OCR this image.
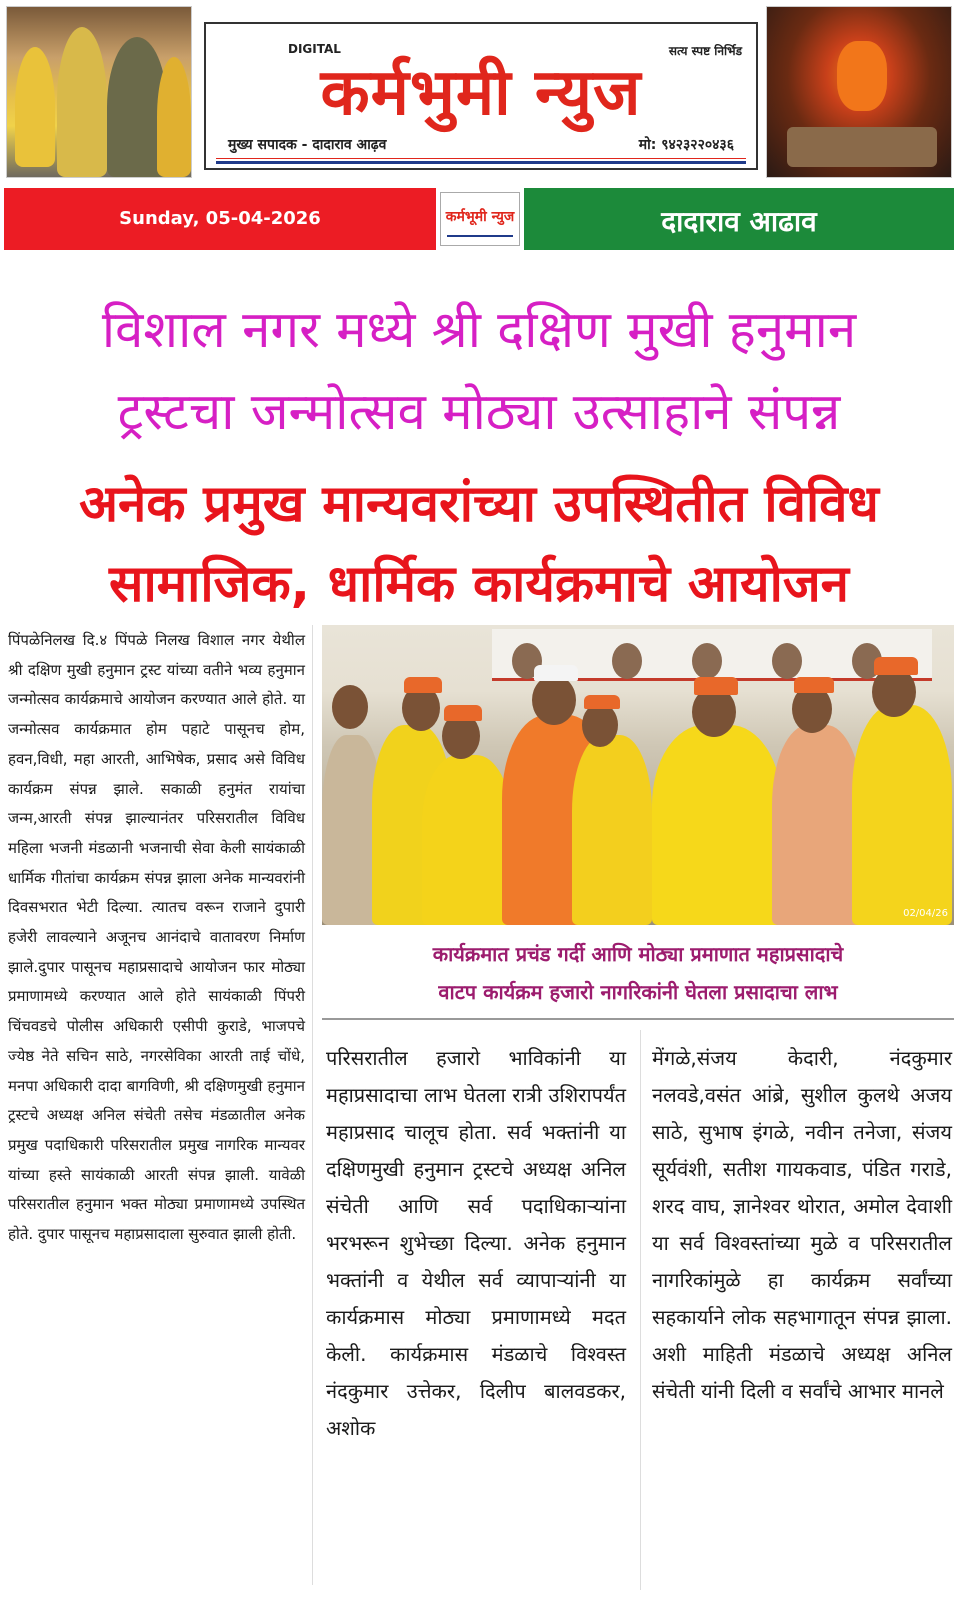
DIGITAL	सत्य स्पष्ट निर्भिड
कर्मभुमी न्युज
मुख्य सपादक - दादाराव आढ़व	मो: ९४२३२२०४३६
Sunday, 05-04-2026	कर्मभूमी न्युज	दादाराव आढाव
विशाल नगर मध्ये श्री दक्षिण मुखी हनुमान
ट्रस्टचा जन्मोत्सव मोठ्या उत्साहाने संपन्न
अनेक प्रमुख मान्यवरांच्या उपस्थितीत विविध
सामाजिक, धार्मिक कार्यक्रमाचे आयोजन
पिंपळेनिलख दि.४ पिंपळे निलख विशाल नगर येथील श्री दक्षिण मुखी हनुमान ट्रस्ट यांच्या वतीने भव्य हनुमान जन्मोत्सव कार्यक्रमाचे आयोजन करण्यात आले होते. या जन्मोत्सव कार्यक्रमात होम पहाटे पासूनच होम, हवन,विधी, महा आरती, आभिषेक, प्रसाद असे विविध कार्यक्रम संपन्न झाले. सकाळी हनुमंत रायांचा जन्म,आरती संपन्न झाल्यानंतर परिसरातील विविध महिला भजनी मंडळानी भजनाची सेवा केली सायंकाळी धार्मिक गीतांचा कार्यक्रम संपन्न झाला अनेक मान्यवरांनी दिवसभरात भेटी दिल्या. त्यातच वरून राजाने दुपारी हजेरी लावल्याने अजूनच आनंदाचे वातावरण निर्माण झाले.दुपार पासूनच महाप्रसादाचे आयोजन फार मोठ्या प्रमाणामध्ये करण्यात आले होते सायंकाळी पिंपरी चिंचवडचे पोलीस अधिकारी एसीपी कुराडे, भाजपचे ज्येष्ठ नेते सचिन साठे, नगरसेविका आरती ताई चोंधे, मनपा अधिकारी दादा बागविणी, श्री दक्षिणमुखी हनुमान ट्रस्टचे अध्यक्ष अनिल संचेती तसेच मंडळातील अनेक प्रमुख पदाधिकारी परिसरातील प्रमुख नागरिक मान्यवर यांच्या हस्ते सायंकाळी आरती संपन्न झाली. यावेळी परिसरातील हनुमान भक्त मोठ्या प्रमाणामध्ये उपस्थित होते. दुपार पासूनच महाप्रसादाला सुरुवात झाली होती.
02/04/26
कार्यक्रमात प्रचंड गर्दी आणि मोठ्या प्रमाणात महाप्रसादाचे
वाटप कार्यक्रम हजारो नागरिकांनी घेतला प्रसादाचा लाभ
परिसरातील हजारो भाविकांनी या महाप्रसादाचा लाभ घेतला रात्री उशिरापर्यंत महाप्रसाद चालूच होता. सर्व भक्तांनी या दक्षिणमुखी हनुमान ट्रस्टचे अध्यक्ष अनिल संचेती आणि सर्व पदाधिकाऱ्यांना भरभरून शुभेच्छा दिल्या. अनेक हनुमान भक्तांनी व येथील सर्व व्यापाऱ्यांनी या कार्यक्रमास मोठ्या प्रमाणामध्ये मदत केली. कार्यक्रमास मंडळाचे विश्वस्त नंदकुमार उत्तेकर, दिलीप बालवडकर, अशोक
मेंगळे,संजय केदारी, नंदकुमार नलवडे,वसंत आंब्रे, सुशील कुलथे अजय साठे, सुभाष इंगळे, नवीन तनेजा, संजय सूर्यवंशी, सतीश गायकवाड, पंडित गराडे, शरद वाघ, ज्ञानेश्वर थोरात, अमोल देवाशी या सर्व विश्वस्तांच्या मुळे व परिसरातील नागरिकांमुळे हा कार्यक्रम सर्वांच्या सहकार्याने लोक सहभागातून संपन्न झाला. अशी माहिती मंडळाचे अध्यक्ष अनिल संचेती यांनी दिली व सर्वांचे आभार मानले
